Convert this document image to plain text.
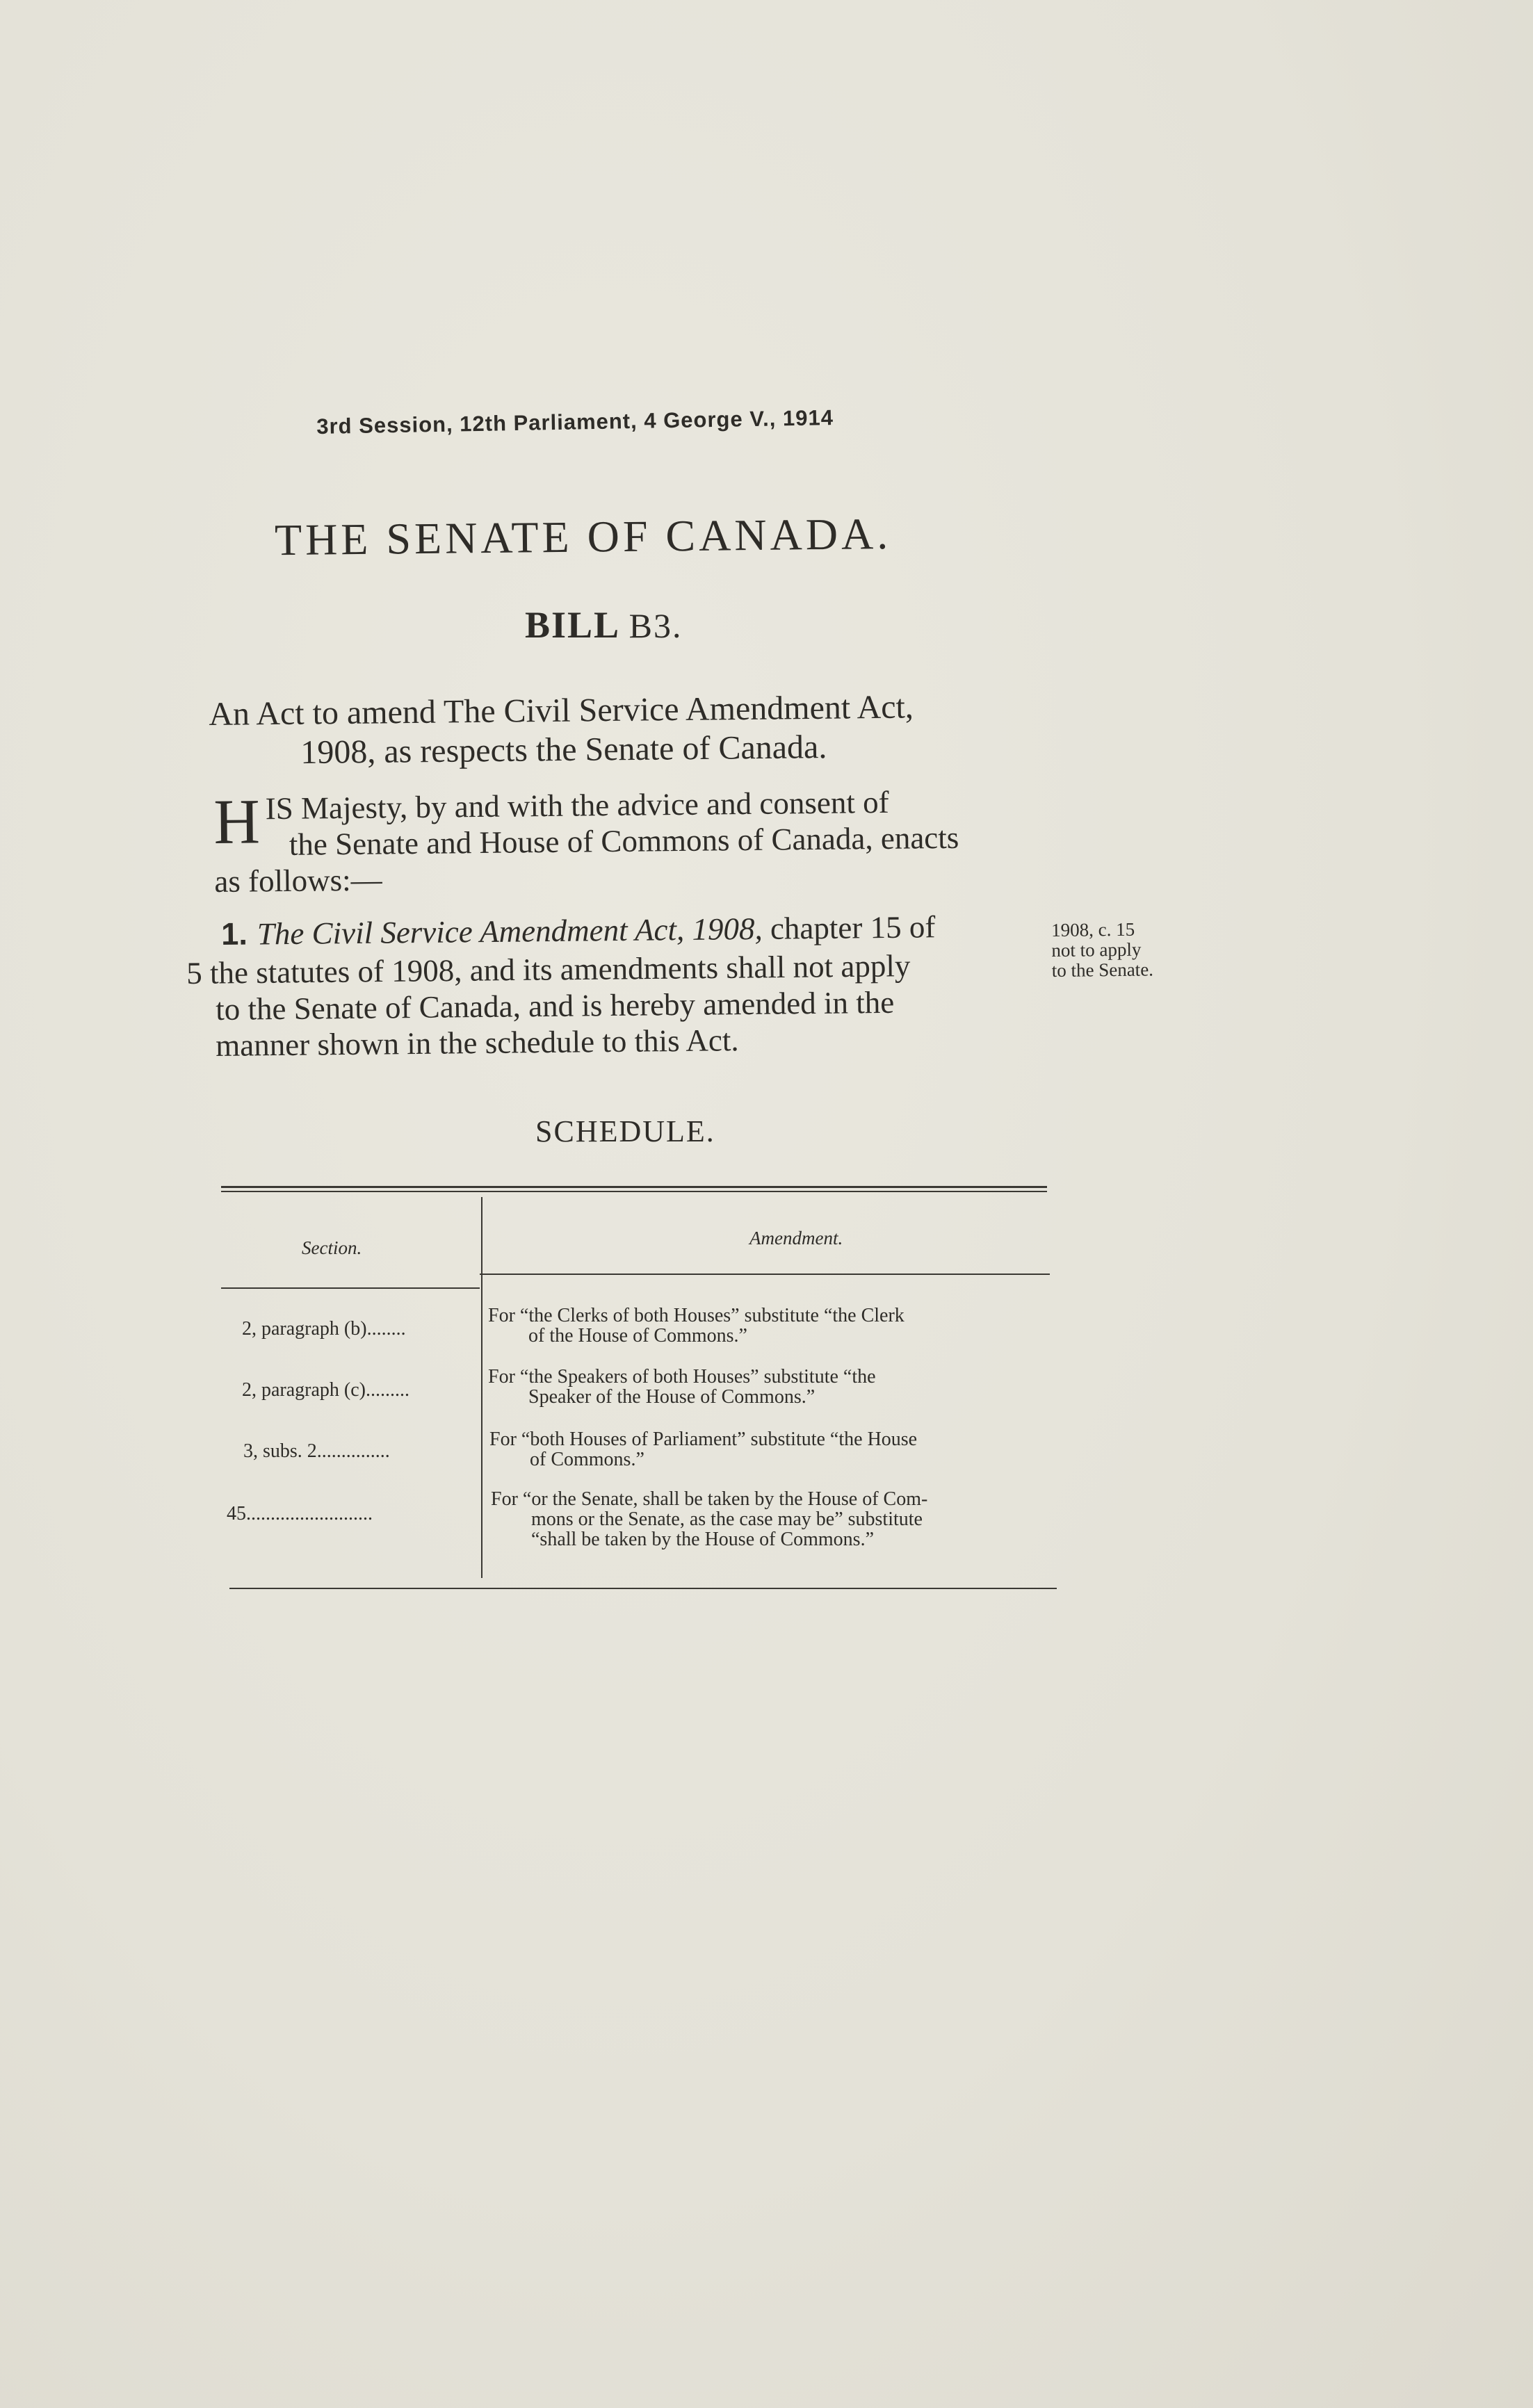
3rd Session, 12th Parliament, 4 George V., 1914
THE SENATE OF CANADA.
BILL B3.
An Act to amend The Civil Service Amendment Act,
1908, as respects the Senate of Canada.
H IS Majesty, by and with the advice and consent of
the Senate and House of Commons of Canada, enacts
as follows:—
1. The Civil Service Amendment Act, 1908, chapter 15 of
5 the statutes of 1908, and its amendments shall not apply
to the Senate of Canada, and is hereby amended in the
manner shown in the schedule to this Act.
1908, c. 15
not to apply
to the Senate.
SCHEDULE.
Section.	Amendment.
2, paragraph (b)........
For “the Clerks of both Houses” substitute “the Clerk
of the House of Commons.”
2, paragraph (c).........
For “the Speakers of both Houses” substitute “the
Speaker of the House of Commons.”
3, subs. 2...............
For “both Houses of Parliament” substitute “the House
of Commons.”
45..........................
For “or the Senate, shall be taken by the House of Com-
mons or the Senate, as the case may be” substitute
“shall be taken by the House of Commons.”
